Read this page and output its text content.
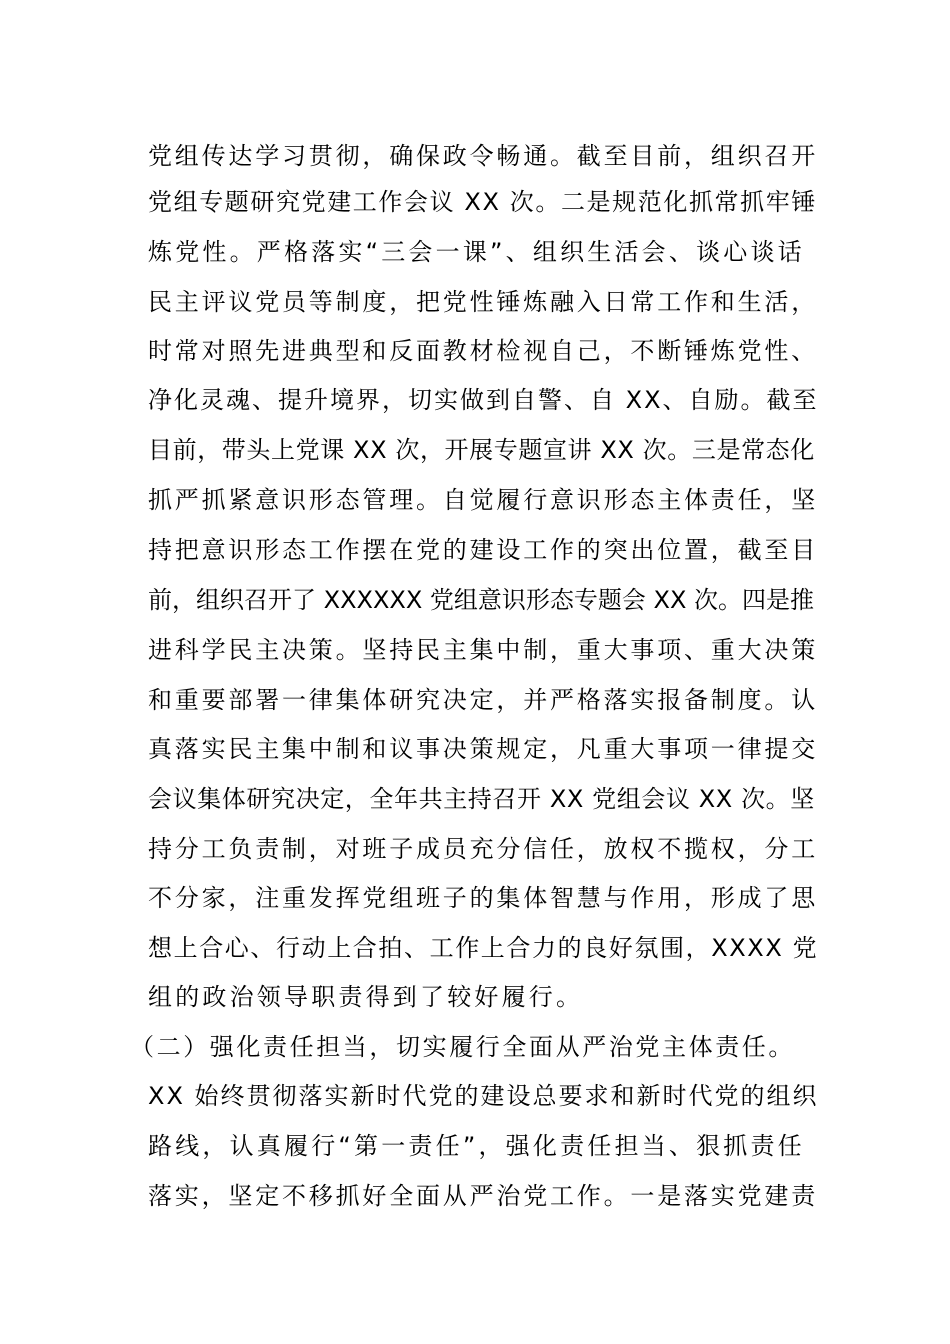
党组传达学习贯彻，确保政令畅通。截至目前，组织召开
党组专题研究党建工作会议 XX 次。二是规范化抓常抓牢锤
炼党性。严格落实“三会一课”、组织生活会、谈心谈话
民主评议党员等制度，把党性锤炼融入日常工作和生活，
时常对照先进典型和反面教材检视自己，不断锤炼党性、
净化灵魂、提升境界，切实做到自警、自 XX、自励。截至
目前，带头上党课 XX 次，开展专题宣讲 XX 次。三是常态化
抓严抓紧意识形态管理。自觉履行意识形态主体责任，坚
持把意识形态工作摆在党的建设工作的突出位置，截至目
前，组织召开了 XXXXXX 党组意识形态专题会 XX 次。四是推
进科学民主决策。坚持民主集中制，重大事项、重大决策
和重要部署一律集体研究决定，并严格落实报备制度。认
真落实民主集中制和议事决策规定，凡重大事项一律提交
会议集体研究决定，全年共主持召开 XX 党组会议 XX 次。坚
持分工负责制，对班子成员充分信任，放权不揽权，分工
不分家，注重发挥党组班子的集体智慧与作用，形成了思
想上合心、行动上合拍、工作上合力的良好氛围，XXXX 党
组的政治领导职责得到了较好履行。
（二）强化责任担当，切实履行全面从严治党主体责任。
XX 始终贯彻落实新时代党的建设总要求和新时代党的组织
路线，认真履行“第一责任”，强化责任担当、狠抓责任
落实，坚定不移抓好全面从严治党工作。一是落实党建责
